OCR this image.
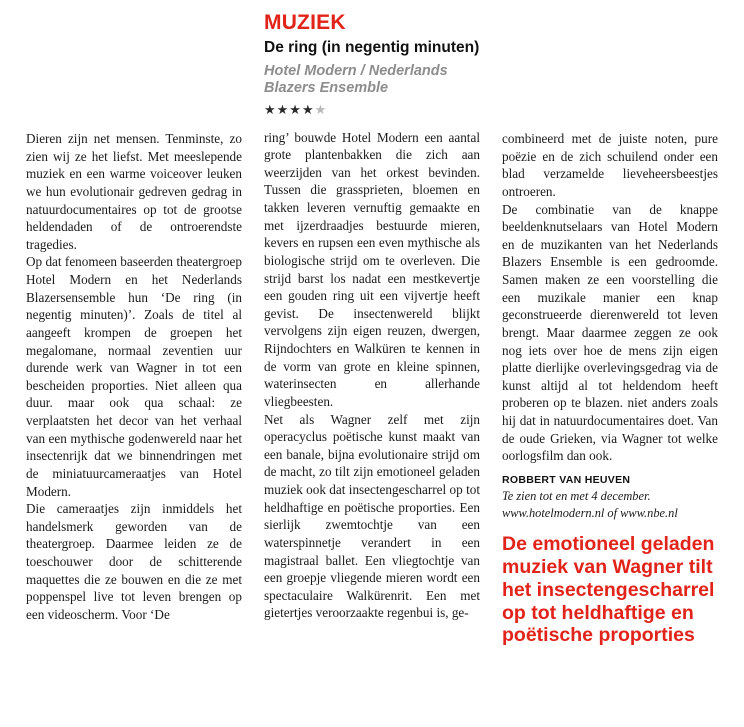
Dieren zijn net mensen. Tenminste, zo zien wij ze het liefst. Met meeslepende muziek en een warme voiceover leuken we hun evolutionair gedreven gedrag in natuurdocumentaires op tot de grootse heldendaden of de ontroerendste tragedies.

Op dat fenomeen baseerden theatergroep Hotel Modern en het Nederlands Blazersensemble hun ‘De ring (in negentig minuten)’. Zoals de titel al aangeeft krompen de groepen het megalomane, normaal zeventien uur durende werk van Wagner in tot een bescheiden proporties. Niet alleen qua duur. maar ook qua schaal: ze verplaatsten het decor van het verhaal van een mythische godenwereld naar het insectenrijk dat we binnendringen met de miniatuurcameraatjes van Hotel Modern.

Die cameraatjes zijn inmiddels het handelsmerk geworden van de theatergroep. Daarmee leiden ze de toeschouwer door de schitterende maquettes die ze bouwen en die ze met poppenspel live tot leven brengen op een videoscherm. Voor ‘De

MUZIEK
De ring (in negentig minuten)
Hotel Modern / Nederlands Blazers Ensemble
★★★★★

ring’ bouwde Hotel Modern een aantal grote plantenbakken die zich aan weerzijden van het orkest bevinden. Tussen die grassprieten, bloemen en takken leveren vernuftig gemaakte en met ijzerdraadjes bestuurde mieren, kevers en rupsen een even mythische als biologische strijd om te overleven. Die strijd barst los nadat een mestkevertje een gouden ring uit een vijvertje heeft gevist. De insectenwereld blijkt vervolgens zijn eigen reuzen, dwergen, Rijndochters en Walküren te kennen in de vorm van grote en kleine spinnen, waterinsecten en allerhande vliegbeesten.

Net als Wagner zelf met zijn operacyclus poëtische kunst maakt van een banale, bijna evolutionaire strijd om de macht, zo tilt zijn emotioneel geladen muziek ook dat insectengescharrel op tot heldhaftige en poëtische proporties. Een sierlijk zwemtochtje van een waterspinnetje verandert in een magistraal ballet. Een vliegtochtje van een groepje vliegende mieren wordt een spectaculaire Walkürenrit. Een met gietertjes veroorzaakte regenbui is, ge-

combineerd met de juiste noten, pure poëzie en de zich schuilend onder een blad verzamelde lieveheersbeestjes ontroeren.

De combinatie van de knappe beeldenknutselaars van Hotel Modern en de muzikanten van het Nederlands Blazers Ensemble is een gedroomde. Samen maken ze een voorstelling die een muzikale manier een knap geconstrueerde dierenwereld tot leven brengt. Maar daarmee zeggen ze ook nog iets over hoe de mens zijn eigen platte dierlijke overlevingsgedrag via de kunst altijd al tot heldendom heeft proberen op te blazen. niet anders zoals hij dat in natuurdocumentaires doet. Van de oude Grieken, via Wagner tot welke oorlogsfilm dan ook.

ROBBERT VAN HEUVEN
Te zien tot en met 4 december.
www.hotelmodern.nl of www.nbe.nl
De emotioneel geladen muziek van Wagner tilt het insectengescharrel op tot heldhaftige en poëtische proporties
